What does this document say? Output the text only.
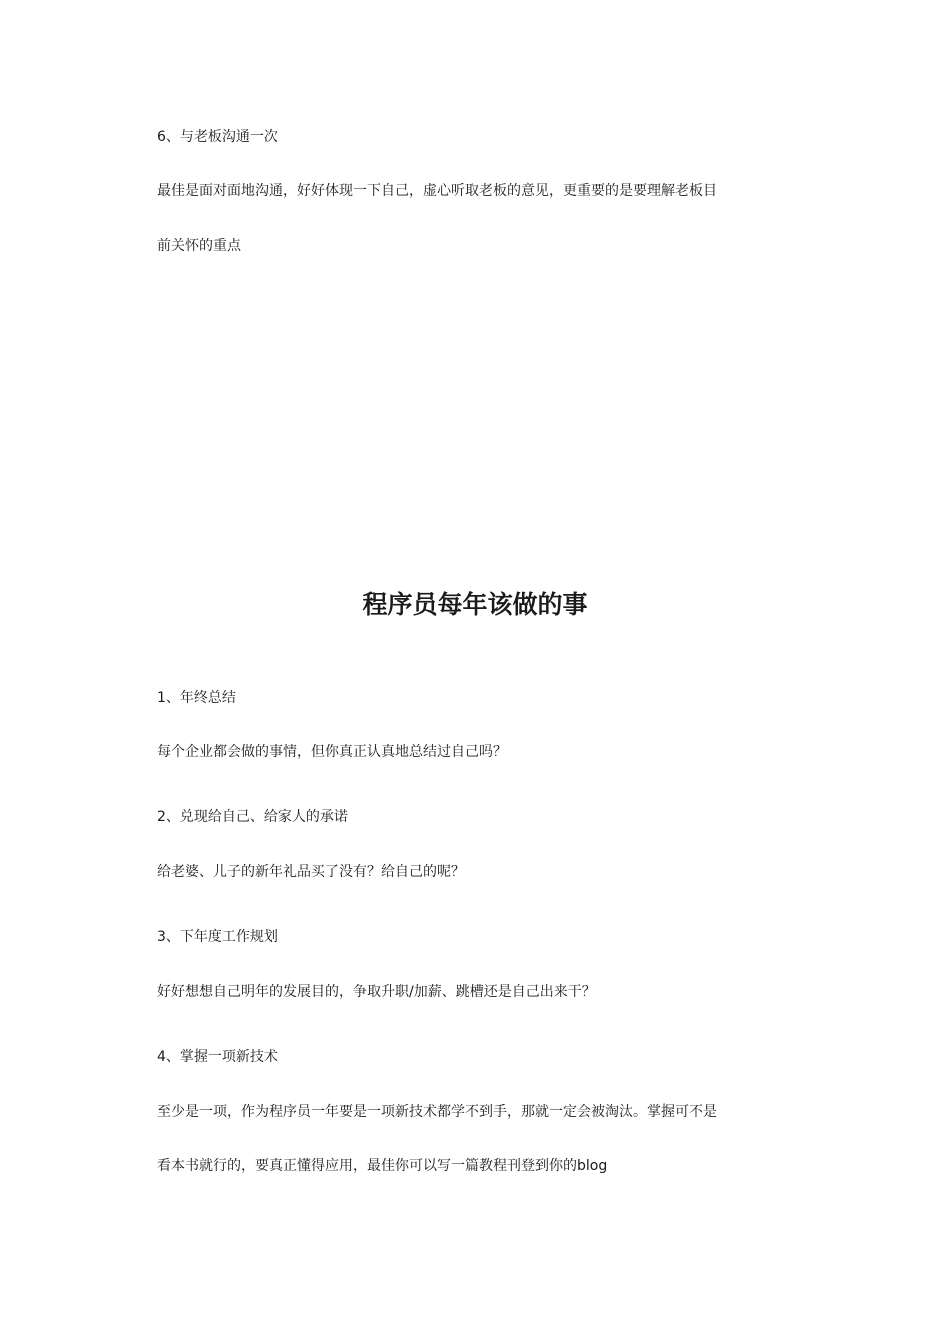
6、与老板沟通一次
最佳是面对面地沟通，好好体现一下自己，虚心听取老板的意见，更重要的是要理解老板目
前关怀的重点
程序员每年该做的事
1、年终总结
每个企业都会做的事情，但你真正认真地总结过自己吗？
2、兑现给自己、给家人的承诺
给老婆、儿子的新年礼品买了没有？给自己的呢？
3、下年度工作规划
好好想想自己明年的发展目的，争取升职/加薪、跳槽还是自己出来干？
4、掌握一项新技术
至少是一项，作为程序员一年要是一项新技术都学不到手，那就一定会被淘汰。掌握可不是
看本书就行的，要真正懂得应用，最佳你可以写一篇教程刊登到你的blog
